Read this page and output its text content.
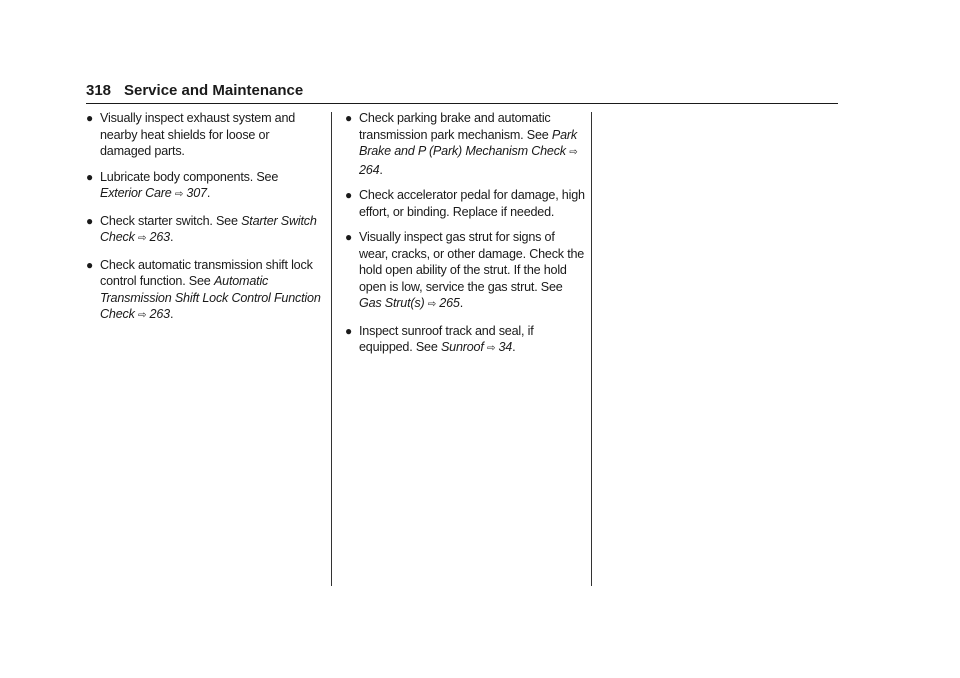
318 Service and Maintenance
● Visually inspect exhaust system and nearby heat shields for loose or damaged parts.
● Lubricate body components. See Exterior Care ⇨ 307.
● Check starter switch. See Starter Switch Check ⇨ 263.
● Check automatic transmission shift lock control function. See Automatic Transmission Shift Lock Control Function Check ⇨ 263.
● Check parking brake and automatic transmission park mechanism. See Park Brake and P (Park) Mechanism Check ⇨ 264.
● Check accelerator pedal for damage, high effort, or binding. Replace if needed.
● Visually inspect gas strut for signs of wear, cracks, or other damage. Check the hold open ability of the strut. If the hold open is low, service the gas strut. See Gas Strut(s) ⇨ 265.
● Inspect sunroof track and seal, if equipped. See Sunroof ⇨ 34.
